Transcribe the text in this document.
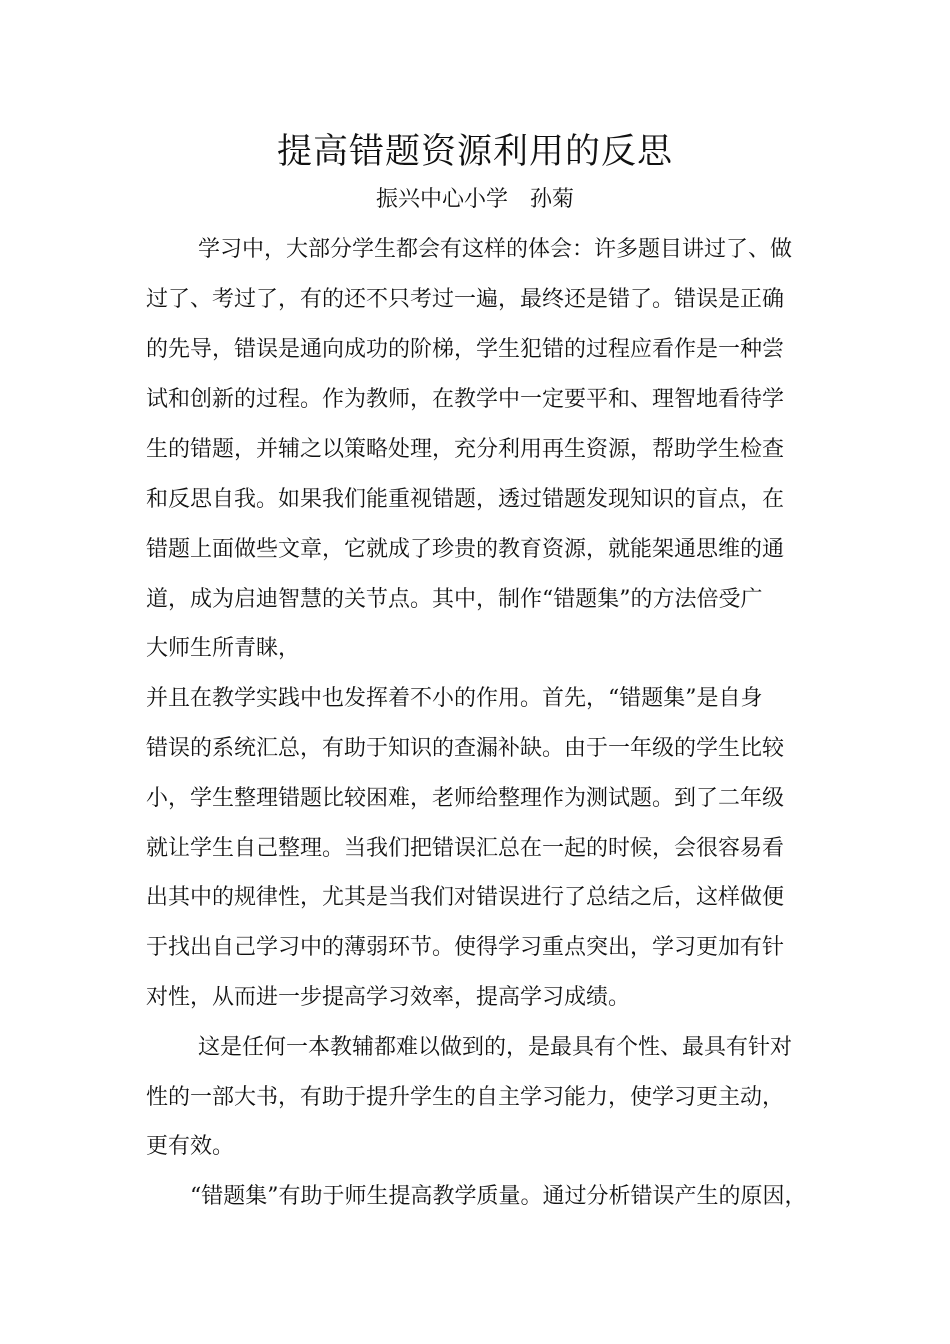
提高错题资源利用的反思
振兴中心小学　孙菊
学习中，大部分学生都会有这样的体会：许多题目讲过了、做
过了、考过了，有的还不只考过一遍，最终还是错了。错误是正确
的先导，错误是通向成功的阶梯，学生犯错的过程应看作是一种尝
试和创新的过程。作为教师，在教学中一定要平和、理智地看待学
生的错题，并辅之以策略处理，充分利用再生资源，帮助学生检查
和反思自我。如果我们能重视错题，透过错题发现知识的盲点，在
错题上面做些文章，它就成了珍贵的教育资源，就能架通思维的通
道，成为启迪智慧的关节点。其中，制作“错题集”的方法倍受广
大师生所青睐，
并且在教学实践中也发挥着不小的作用。首先，“错题集”是自身
错误的系统汇总，有助于知识的查漏补缺。由于一年级的学生比较
小，学生整理错题比较困难，老师给整理作为测试题。到了二年级
就让学生自己整理。当我们把错误汇总在一起的时候，会很容易看
出其中的规律性，尤其是当我们对错误进行了总结之后，这样做便
于找出自己学习中的薄弱环节。使得学习重点突出，学习更加有针
对性，从而进一步提高学习效率，提高学习成绩。
这是任何一本教辅都难以做到的，是最具有个性、最具有针对
性的一部大书，有助于提升学生的自主学习能力，使学习更主动，
更有效。
“错题集”有助于师生提高教学质量。通过分析错误产生的原因，
